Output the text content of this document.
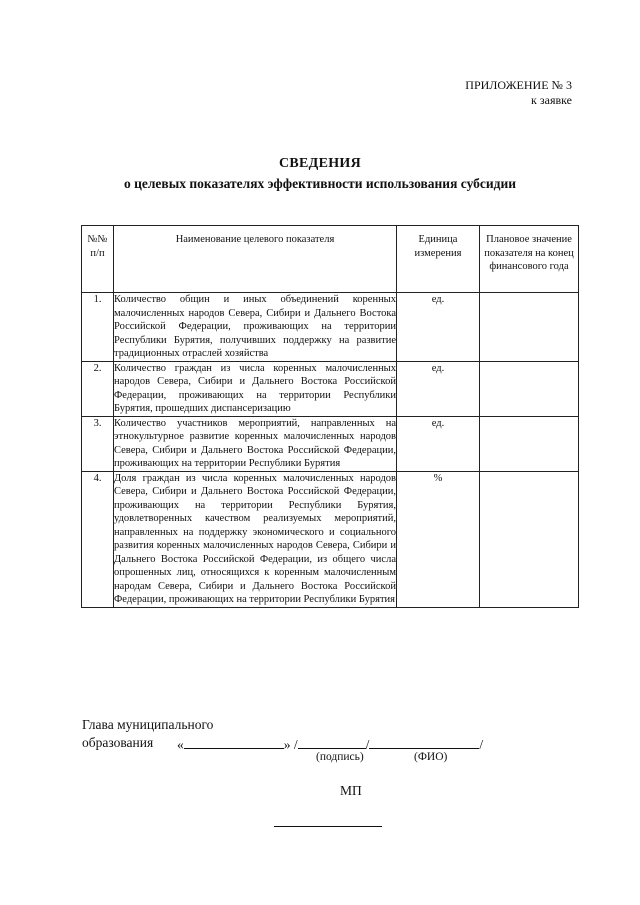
ПРИЛОЖЕНИЕ № 3
к заявке
СВЕДЕНИЯ
о целевых показателях эффективности использования субсидии
№№ п/п	Наименование целевого показателя	Единица измерения	Плановое значение показателя на конец финансового года

1.	Количество общин и иных объединений коренных малочисленных народов Севера, Сибири и Дальнего Востока Российской Федерации, проживающих на территории Республики Бурятия, получивших поддержку на развитие традиционных отраслей хозяйства	ед.	
2.	Количество граждан из числа коренных малочисленных народов Севера, Сибири и Дальнего Востока Российской Федерации, проживающих на территории Республики Бурятия, прошедших диспансеризацию	ед.	
3.	Количество участников мероприятий, направленных на этнокультурное развитие коренных малочисленных народов Севера, Сибири и Дальнего Востока Российской Федерации, проживающих на территории Республики Бурятия	ед.	
4.	Доля граждан из числа коренных малочисленных народов Севера, Сибири и Дальнего Востока Российской Федерации, проживающих на территории Республики Бурятия, удовлетворенных качеством реализуемых мероприятий, направленных на поддержку экономического и социального развития коренных малочисленных народов Севера, Сибири и Дальнего Востока Российской Федерации, из общего числа опрошенных лиц, относящихся к коренным малочисленным народам Севера, Сибири и Дальнего Востока Российской Федерации, проживающих на территории Республики Бурятия	%	
Глава муниципального
образования «	» /	/	/
(подпись)	(ФИО)
МП
